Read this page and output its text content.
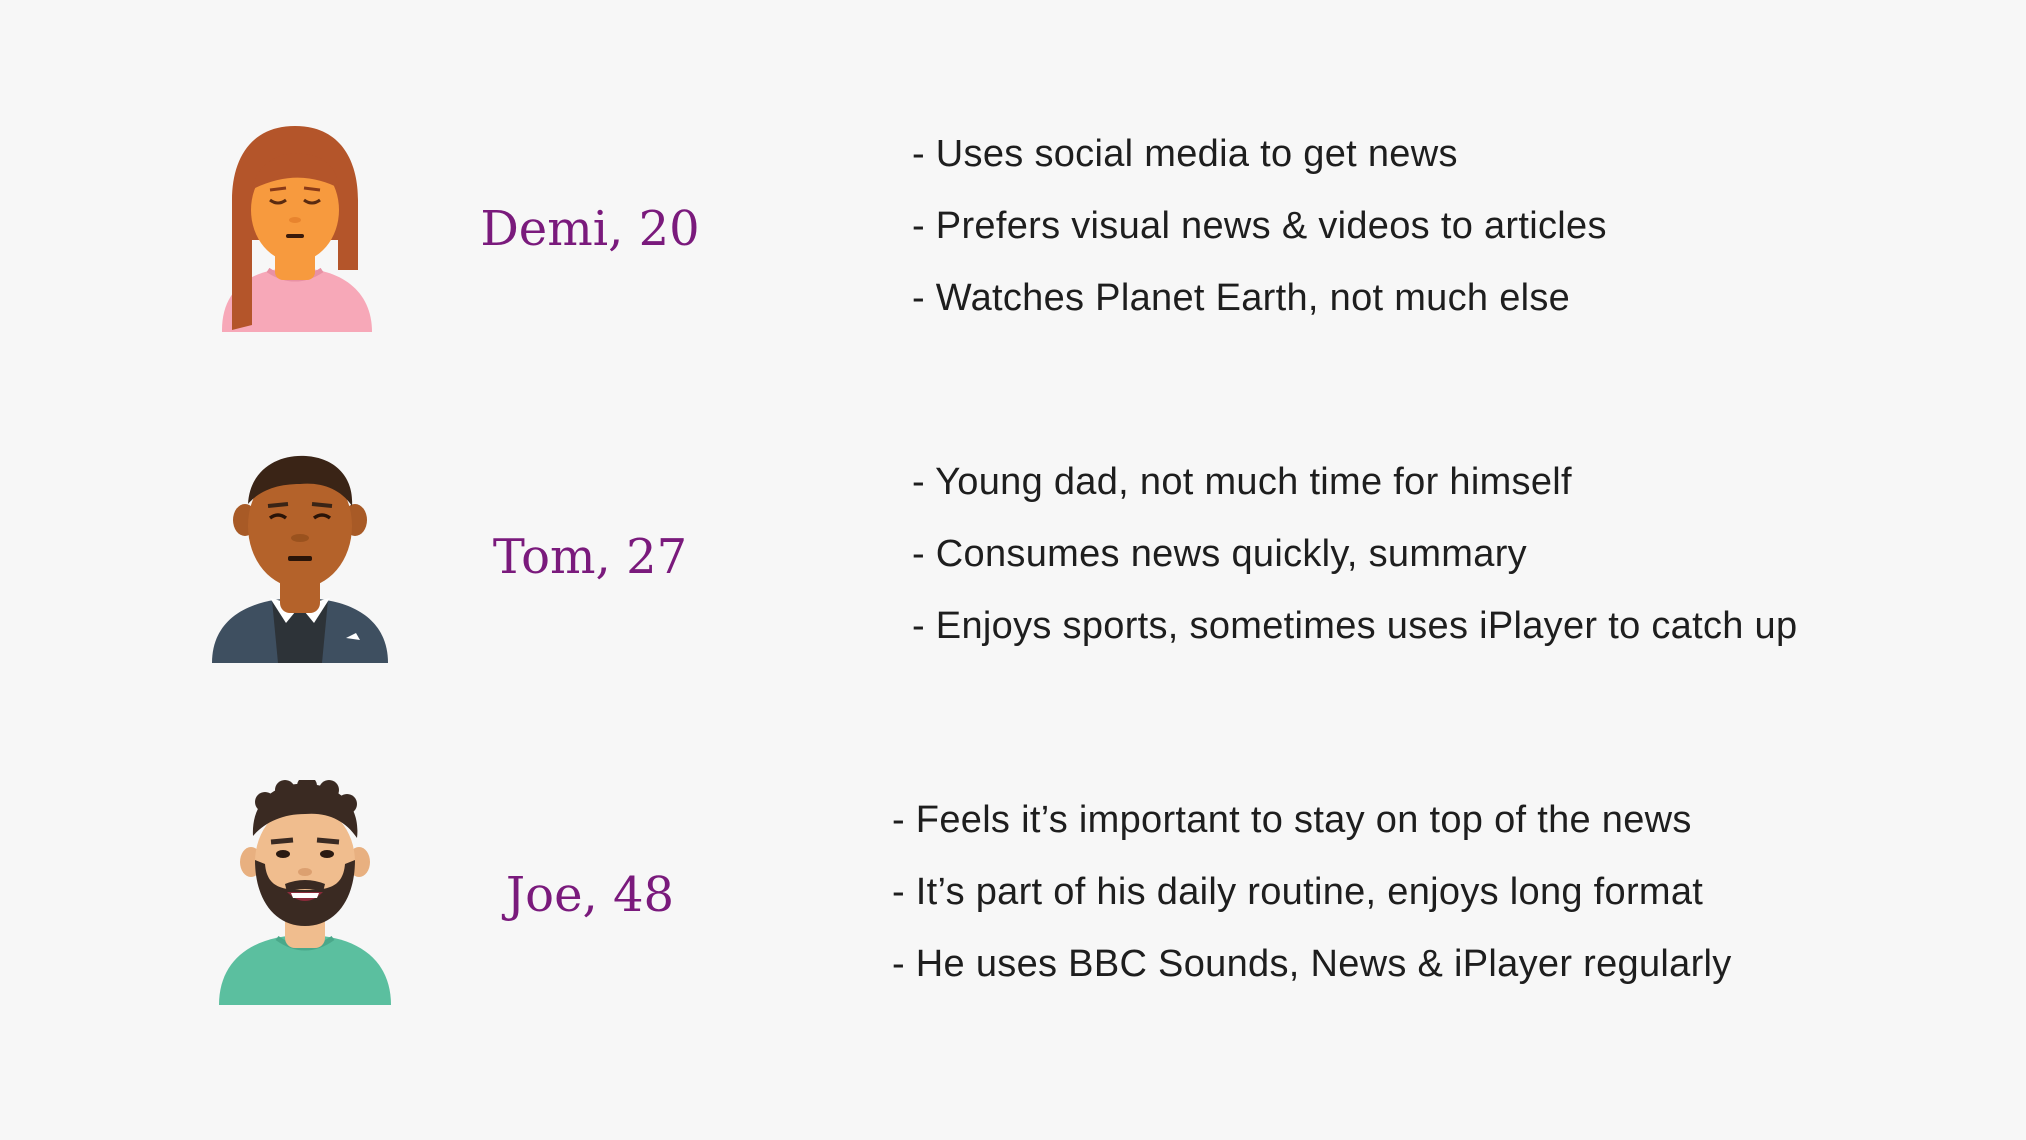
Demi, 20
- Uses social media to get news
- Prefers visual news & videos to articles
- Watches Planet Earth, not much else
Tom, 27
- Young dad, not much time for himself
- Consumes news quickly, summary
- Enjoys sports, sometimes uses iPlayer to catch up
Joe, 48
- Feels it’s important to stay on top of the news
- It’s part of his daily routine, enjoys long format
- He uses BBC Sounds, News & iPlayer regularly
